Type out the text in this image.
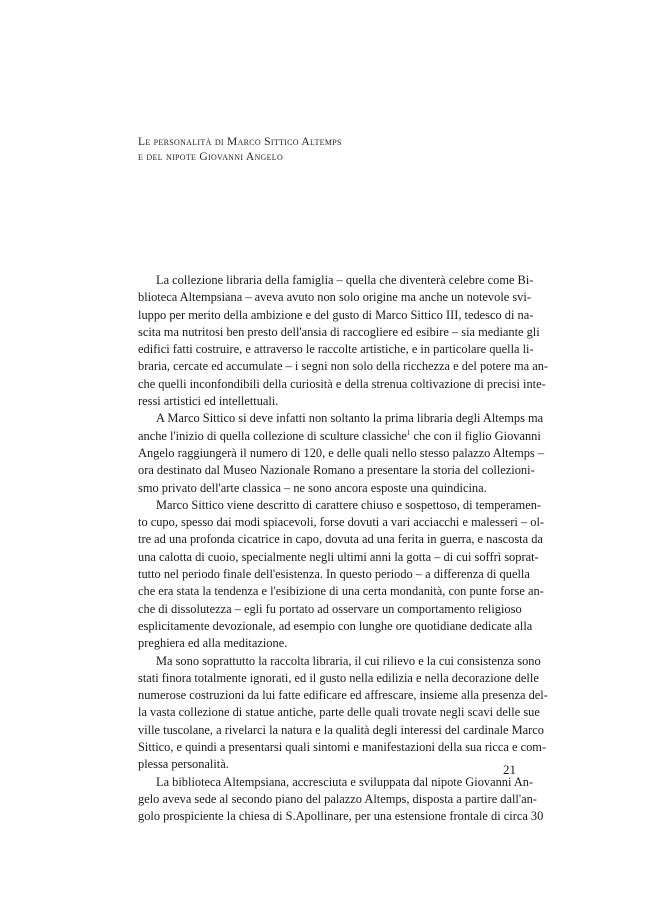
Le personalità di Marco Sittico Altemps
e del nipote Giovanni Angelo
La collezione libraria della famiglia – quella che diventerà celebre come Bi-
blioteca Altempsiana – aveva avuto non solo origine ma anche un notevole svi-
luppo per merito della ambizione e del gusto di Marco Sittico III, tedesco di na-
scita ma nutritosi ben presto dell'ansia di raccogliere ed esibire – sia mediante gli
edifici fatti costruire, e attraverso le raccolte artistiche, e in particolare quella li-
braria, cercate ed accumulate – i segni non solo della ricchezza e del potere ma an-
che quelli inconfondibili della curiosità e della strenua coltivazione di precisi inte-
ressi artistici ed intellettuali.
A Marco Sittico si deve infatti non soltanto la prima libraria degli Altemps ma
anche l'inizio di quella collezione di sculture classiche$^1$ che con il figlio Giovanni
Angelo raggiungerà il numero di 120, e delle quali nello stesso palazzo Altemps –
ora destinato dal Museo Nazionale Romano a presentare la storia del collezioni-
smo privato dell'arte classica – ne sono ancora esposte una quindicina.
Marco Sittico viene descritto di carattere chiuso e sospettoso, di temperamen-
to cupo, spesso dai modi spiacevoli, forse dovuti a vari acciacchi e malesseri – ol-
tre ad una profonda cicatrice in capo, dovuta ad una ferita in guerra, e nascosta da
una calotta di cuoio, specialmente negli ultimi anni la gotta – di cui soffrì soprat-
tutto nel periodo finale dell'esistenza. In questo periodo – a differenza di quella
che era stata la tendenza e l'esibizione di una certa mondanità, con punte forse an-
che di dissolutezza – egli fu portato ad osservare un comportamento religioso
esplicitamente devozionale, ad esempio con lunghe ore quotidiane dedicate alla
preghiera ed alla meditazione.
Ma sono soprattutto la raccolta libraria, il cui rilievo e la cui consistenza sono
stati finora totalmente ignorati, ed il gusto nella edilizia e nella decorazione delle
numerose costruzioni da lui fatte edificare ed affrescare, insieme alla presenza del-
la vasta collezione di statue antiche, parte delle quali trovate negli scavi delle sue
ville tuscolane, a rivelarci la natura e la qualità degli interessi del cardinale Marco
Sittico, e quindi a presentarsi quali sintomi e manifestazioni della sua ricca e com-
plessa personalità.
La biblioteca Altempsiana, accresciuta e sviluppata dal nipote Giovanni An-
gelo aveva sede al secondo piano del palazzo Altemps, disposta a partire dall'an-
golo prospiciente la chiesa di S.Apollinare, per una estensione frontale di circa 30
21
